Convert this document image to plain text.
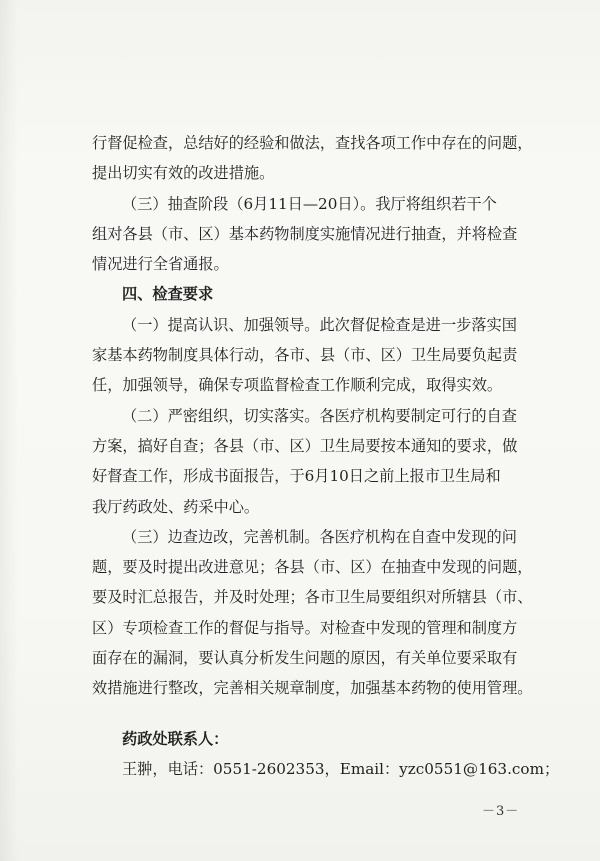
行督促检查，总结好的经验和做法，查找各项工作中存在的问题，
提出切实有效的改进措施。
（三）抽查阶段（6月11日—20日）。我厅将组织若干个
组对各县（市、区）基本药物制度实施情况进行抽查，并将检查
情况进行全省通报。
四、检查要求
（一）提高认识、加强领导。此次督促检查是进一步落实国
家基本药物制度具体行动，各市、县（市、区）卫生局要负起责
任，加强领导，确保专项监督检查工作顺利完成，取得实效。
（二）严密组织，切实落实。各医疗机构要制定可行的自查
方案，搞好自查；各县（市、区）卫生局要按本通知的要求，做
好督查工作，形成书面报告，于6月10日之前上报市卫生局和
我厅药政处、药采中心。
（三）边查边改，完善机制。各医疗机构在自查中发现的问
题，要及时提出改进意见；各县（市、区）在抽查中发现的问题，
要及时汇总报告，并及时处理；各市卫生局要组织对所辖县（市、
区）专项检查工作的督促与指导。对检查中发现的管理和制度方
面存在的漏洞，要认真分析发生问题的原因，有关单位要采取有
效措施进行整改，完善相关规章制度，加强基本药物的使用管理。
药政处联系人：
王翀，电话：0551-2602353，Email：yzc0551@163.com；
－3－
